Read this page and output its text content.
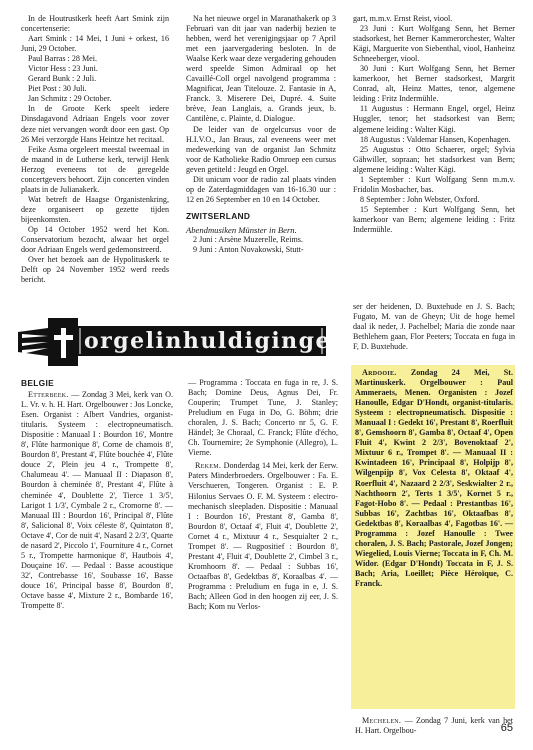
In de Houtrustkerk heeft Aart Smink zijn concertenserie:

Aart Smink : 14 Mei, 1 Juni + orkest, 16 Juni, 29 October.

Paul Barras : 28 Mei.

Victor Hess : 23 Juni.

Gerard Bunk : 2 Juli.

Piet Post : 30 Juli.

Jan Schmitz : 29 October.

In de Groote Kerk speelt iedere Dinsdagavond Adriaan Engels voor zover deze niet vervangen wordt door een gast. Op 26 Mei verzorgde Hans Heintze het recitaal.

Feike Asma orgeleert meestal tweemaal in de maand in de Lutherse kerk, terwijl Henk Herzog eveneens tot de geregelde concertgevers behoort. Zijn concerten vinden plaats in de Julianakerk.

Wat betreft de Haagse Organistenkring, deze organiseert op gezette tijden bijeenkomsten.

Op 14 October 1952 werd het Kon. Conservatorium bezocht, alwaar het orgel door Adriaan Engels werd gedemonstreerd.

Over het bezoek aan de Hypolituskerk te Delft op 24 November 1952 werd reeds bericht.

Na het nieuwe orgel in Maranathakerk op 3 Februari van dit jaar van naderbij bezien te hebben, werd het verenigingsjaar op 7 April met een jaarvergadering besloten. In de Waalse Kerk waar deze vergadering gehouden werd speelde Simon Admiraal op het Cavaillé-Coll orgel navolgend programma : Magnificat, Jean Titelouze. 2. Fantasie in A, Franck. 3. Miserere Dei, Dupré. 4. Suite brève, Jean Langlais, a. Grands jeux, b. Cantilène, c. Plainte, d. Dialogue.

De leider van de orgelcursus voor de H.I.V.O., Jan Braus, zal eveneens weer met medewerking van de organist Jan Schmitz voor de Katholieke Radio Omroep een cursus geven getiteld : Jeugd en Orgel.

Dit unicum voor de radio zal plaats vinden op de Zaterdagmiddagen van 16-16.30 uur : 12 en 26 September en 10 en 14 October.

ZWITSERLAND

Abendmusiken Münster in Bern.

2 Juni : Arsène Muzerelle, Reims.

9 Juni : Anton Novakowski, Stutt-

gart, m.m.v. Ernst Reist, viool.

23 Juni : Kurt Wolfgang Senn, het Berner stadsorkest, het Berner Kammerorchester, Walter Kägi, Marguerite von Siebenthal, viool, Hanheinz Schneeberger, viool.

30 Juni : Kurt Wolfgang Senn, het Berner kamerkoor, het Berner stadsorkest, Margrit Conrad, alt, Heinz Mattes, tenor, algemene leiding : Fritz Indermühle.

11 Augustus : Hermann Engel, orgel, Heinz Huggler, tenor; het stadsorkest van Bern; algemene leiding : Walter Kägi.

18 Augustus : Valdemar Hansen, Kopenhagen.

25 Augustus : Otto Schaerer, orgel; Sylvia Gähwiller, sopraan; het stadsorkest van Bern; algemene leiding : Walter Kägi.

1 September : Kurt Wolfgang Senn m.m.v. Fridolin Mosbacher, bas.

8 September : John Webster, Oxford.

15 September : Kurt Wolfgang Senn, het kamerkoor van Bern; algemene leiding : Fritz Indermühle.

orgelinhuldigingen

ser der heidenen, D. Buxtehude en J. S. Bach; Fugato, M. van de Gheyn; Uit de hoge hemel daal ik neder, J. Pachelbel; Maria die zonde naar Bethlehem gaan, Flor Peeters; Toccata en fuga in F, D. Buxtehude.

BELGIE

Etterbeek. — Zondag 3 Mei, kerk van O. L. Vr. v. h. H. Hart. Orgelbouwer : Jos Loncke, Esen. Organist : Albert Vandries, organist-titularis. Systeem : electropneumatisch. Dispositie : Manuaal I : Bourdon 16', Montre 8', Flûte harmonique 8', Corne de chamois 8', Bourdon 8', Prestant 4', Flûte bouchée 4', Flûte douce 2', Plein jeu 4 r., Trompette 8', Chalumeau 4'. — Manuaal II : Diapason 8', Bourdon à cheminée 8', Prestant 4', Flûte à cheminée 4', Doublette 2', Tierce 1 3/5', Larigot 1 1/3', Cymbale 2 r., Cromorne 8'. — Manuaal III : Bourdon 16', Principal 8', Flûte 8', Salicional 8', Voix céleste 8', Quintaton 8', Octave 4', Cor de nuit 4', Nasard 2 2/3', Quarte de nasard 2', Piccolo 1', Fourniture 4 r., Cornet 5 r., Trompette harmonique 8', Hautbois 4', Douçaine 16'. — Pedaal : Basse acoustique 32', Contrebasse 16', Soubasse 16', Basse douce 16', Principal basse 8', Bourdon 8', Octave basse 4', Mixture 2 r., Bombarde 16', Trompette 8'.

— Programma : Toccata en fuga in re, J. S. Bach; Domine Deus, Agnus Dei, Fr. Couperin; Trumpet Tune, J. Stanley; Preludium en Fuga in Do, G. Böhm; drie choralen, J. S. Bach; Concerto nr 5, G. F. Händel; 3e Choraal, C. Franck; Flûte d'écho, Ch. Tournemire; 2e Symphonie (Allegro), L. Vierne.

Rekem. Donderdag 14 Mei, kerk der Eerw. Paters Minderbroeders. Orgelbouwer : Fa. E. Verschueren, Tongeren. Organist : E. P. Hilonius Servaes O. F. M. Systeem : electro-mechanisch sleepladen. Dispositie : Manuaal I : Bourdon 16', Prestant 8', Gamba 8', Bourdon 8', Octaaf 4', Fluit 4', Doublette 2', Cornet 4 r., Mixtuur 4 r., Sesquialter 2 r., Trompet 8'. — Rugpositief : Bourdon 8', Prestant 4', Fluit 4', Doublette 2', Cimbel 3 r., Kromhoorn 8'. — Pedaal : Subbas 16', Octaafbas 8', Gedektbas 8', Koraalbas 4'. — Programma : Preludium en fuga in e, J. S. Bach; Alleen God in den hoogen zij eer, J. S. Bach; Kom nu Verlos-

Ardooie. Zondag 24 Mei, St. Martinuskerk. Orgelbouwer : Paul Ammeraets, Menen. Organisten : Jozef Hanoulle, Edgar D'Hondt, organist-titularis. Systeem : electropneumatisch. Dispositie : Manuaal I : Gedekt 16', Prestant 8', Roerfluit 8', Gemshoorn 8', Gamba 8', Octaaf 4', Open Fluit 4', Kwint 2 2/3', Bovenoktaaf 2', Mixtuur 6 r., Trompet 8'. — Manuaal II : Kwintadeen 16', Principaal 8', Holpijp 8', Wilgenpijp 8', Vox Celesta 8', Oktaaf 4', Roerfluit 4', Nazaard 2 2/3', Seskwialter 2 r., Nachthoorn 2', Terts 1 3/5', Kornet 5 r., Fagot-Hobo 8'. — Pedaal : Prestantbas 16', Subbas 16', Zachtbas 16', Oktaafbas 8', Gedektbas 8', Koraalbas 4', Fagotbas 16'. — Programma : Jozef Hanoulle : Twee choralen, J. S. Bach; Pastorale, Jozef Jongen; Wiegelied, Louis Vierne; Toccata in F, Ch. M. Widor. (Edgar D'Hondt) Toccata in F, J. S. Bach; Aria, Loeillet; Pièce Héroïque, C. Franck.

Mechelen. — Zondag 7 Juni, kerk van het H. Hart. Orgelbou-	65
